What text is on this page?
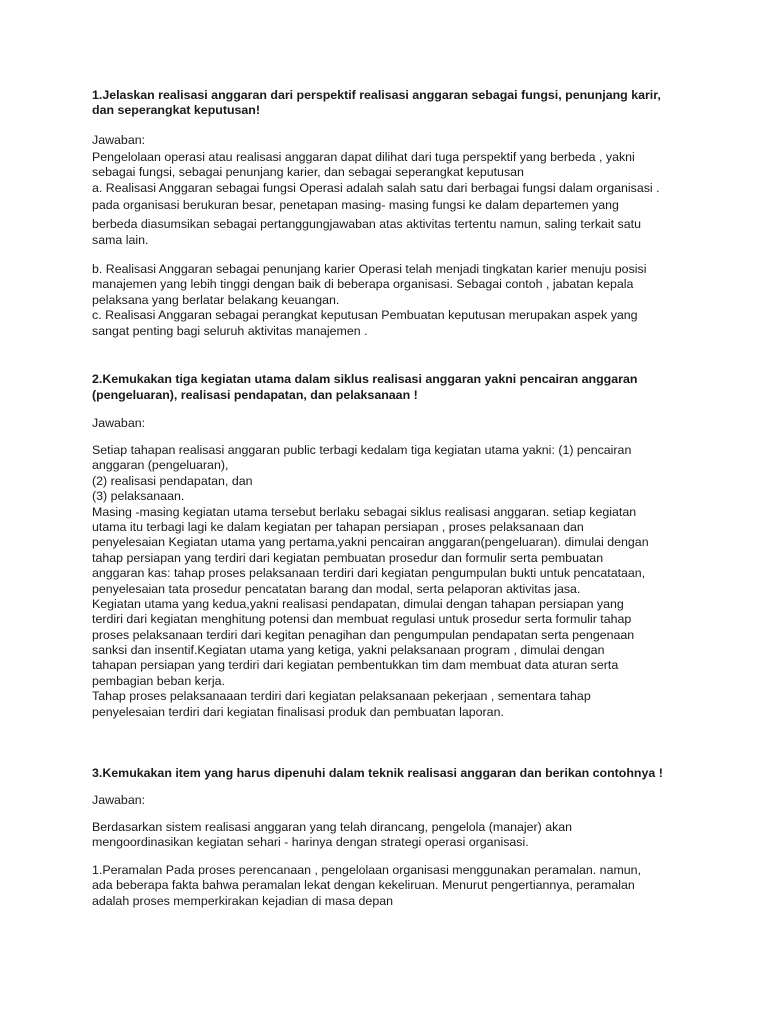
1.Jelaskan realisasi anggaran dari perspektif realisasi anggaran sebagai fungsi, penunjang karir,
dan seperangkat keputusan!
Jawaban:
Pengelolaan operasi atau realisasi anggaran dapat dilihat dari tuga perspektif yang berbeda , yakni
sebagai fungsi, sebagai penunjang karier, dan sebagai seperangkat keputusan
a. Realisasi Anggaran sebagai fungsi Operasi adalah salah satu dari berbagai fungsi dalam organisasi .
pada organisasi berukuran besar, penetapan masing- masing fungsi ke dalam departemen yang
berbeda diasumsikan sebagai pertanggungjawaban atas aktivitas tertentu namun, saling terkait satu
sama lain.
b. Realisasi Anggaran sebagai penunjang karier Operasi telah menjadi tingkatan karier menuju posisi
manajemen yang lebih tinggi dengan baik di beberapa organisasi. Sebagai contoh , jabatan kepala
pelaksana yang berlatar belakang keuangan.
c. Realisasi Anggaran sebagai perangkat keputusan Pembuatan keputusan merupakan aspek yang
sangat penting bagi seluruh aktivitas manajemen .
2.Kemukakan tiga kegiatan utama dalam siklus realisasi anggaran yakni pencairan anggaran
(pengeluaran), realisasi pendapatan, dan pelaksanaan !
Jawaban:
Setiap tahapan realisasi anggaran public terbagi kedalam tiga kegiatan utama yakni: (1) pencairan
anggaran (pengeluaran),
(2) realisasi pendapatan, dan
(3) pelaksanaan.
Masing -masing kegiatan utama tersebut berlaku sebagai siklus realisasi anggaran. setiap kegiatan
utama itu terbagi lagi ke dalam kegiatan per tahapan persiapan , proses pelaksanaan dan
penyelesaian Kegiatan utama yang pertama,yakni pencairan anggaran(pengeluaran). dimulai dengan
tahap persiapan yang terdiri dari kegiatan pembuatan prosedur dan formulir serta pembuatan
anggaran kas: tahap proses pelaksanaan terdiri dari kegiatan pengumpulan bukti untuk pencatataan,
penyelesaian tata prosedur pencatatan barang dan modal, serta pelaporan aktivitas jasa.
Kegiatan utama yang kedua,yakni realisasi pendapatan, dimulai dengan tahapan persiapan yang
terdiri dari kegiatan menghitung potensi dan membuat regulasi untuk prosedur serta formulir tahap
proses pelaksanaan terdiri dari kegitan penagihan dan pengumpulan pendapatan serta pengenaan
sanksi dan insentif.Kegiatan utama yang ketiga, yakni pelaksanaan program , dimulai dengan
tahapan persiapan yang terdiri dari kegiatan pembentukkan tim dam membuat data aturan serta
pembagian beban kerja.
Tahap proses pelaksanaaan terdiri dari kegiatan pelaksanaan pekerjaan , sementara tahap
penyelesaian terdiri dari kegiatan finalisasi produk dan pembuatan laporan.
3.Kemukakan item yang harus dipenuhi dalam teknik realisasi anggaran dan berikan contohnya !
Jawaban:
Berdasarkan sistem realisasi anggaran yang telah dirancang, pengelola (manajer) akan
mengoordinasikan kegiatan sehari - harinya dengan strategi operasi organisasi.
1.Peramalan Pada proses perencanaan , pengelolaan organisasi menggunakan peramalan. namun,
ada beberapa fakta bahwa peramalan lekat dengan kekeliruan. Menurut pengertiannya, peramalan
adalah proses memperkirakan kejadian di masa depan
